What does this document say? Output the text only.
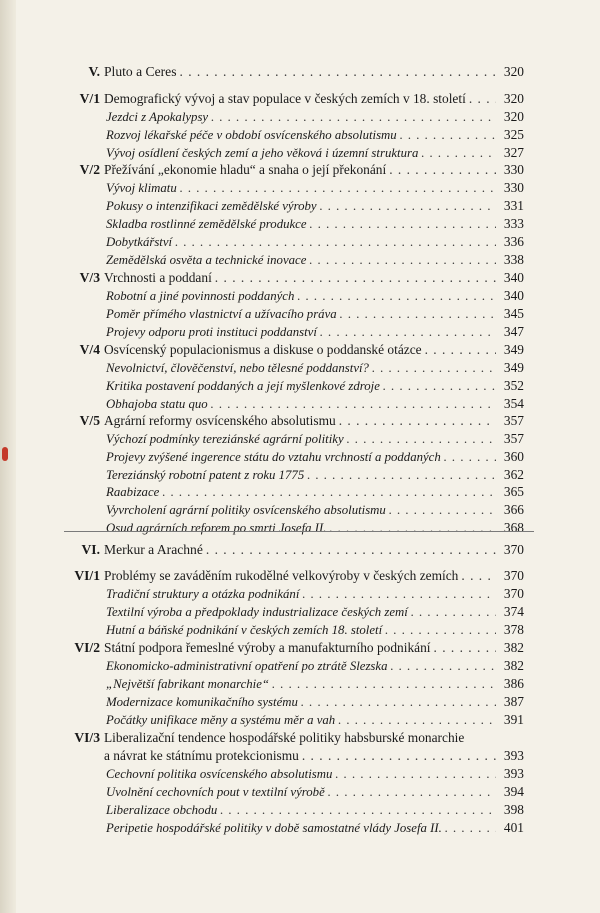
V. Pluto a Ceres . . .	320
V/1 Demografický vývoj a stav populace v českých zemích v 18. století . . .	320
Jezdci z Apokalypsy . . .	320
Rozvoj lékařské péče v období osvícenského absolutismu . . .	325
Vývoj osídlení českých zemí a jeho věková i územní struktura . . .	327
V/2 Přežívání „ekonomie hladu“ a snaha o její překonání . . .	330
Vývoj klimatu . . .	330
Pokusy o intenzifikaci zemědělské výroby . . .	331
Skladba rostlinné zemědělské produkce . . .	333
Dobytkářství . . .	336
Zemědělská osvěta a technické inovace . . .	338
V/3 Vrchnosti a poddaní . . .	340
Robotní a jiné povinnosti poddaných . . .	340
Poměr přímého vlastnictví a užívacího práva . . .	345
Projevy odporu proti instituci poddanství . . .	347
V/4 Osvícenský populacionismus a diskuse o poddanské otázce . . .	349
Nevolnictví, člověčenství, nebo tělesné poddanství? . . .	349
Kritika postavení poddaných a její myšlenkové zdroje . . .	352
Obhajoba statu quo . . .	354
V/5 Agrární reformy osvícenského absolutismu . . .	357
Výchozí podmínky tereziánské agrární politiky . . .	357
Projevy zvýšené ingerence státu do vztahu vrchností a poddaných . . .	360
Tereziánský robotní patent z roku 1775 . . .	362
Raabizace . . .	365
Vyvrcholení agrární politiky osvícenského absolutismu . . .	366
Osud agrárních reforem po smrti Josefa II. . . .	368
VI. Merkur a Arachné . . .	370
VI/1 Problémy se zaváděním rukodělné velkovýroby v českých zemích . . .	370
Tradiční struktury a otázka podnikání . . .	370
Textilní výroba a předpoklady industrializace českých zemí . . .	374
Hutní a báňské podnikání v českých zemích 18. století . . .	378
VI/2 Státní podpora řemeslné výroby a manufakturního podnikání . . .	382
Ekonomicko-administrativní opatření po ztrátě Slezska . . .	382
„Největší fabrikant monarchie“ . . .	386
Modernizace komunikačního systému . . .	387
Počátky unifikace měny a systému měr a vah . . .	391
VI/3 Liberalizační tendence hospodářské politiky habsburské monarchie
a návrat ke státnímu protekcionismu . . .	393
Cechovní politika osvícenského absolutismu . . .	393
Uvolnění cechovních pout v textilní výrobě . . .	394
Liberalizace obchodu . . .	398
Peripetie hospodářské politiky v době samostatné vlády Josefa II. . . .	401
